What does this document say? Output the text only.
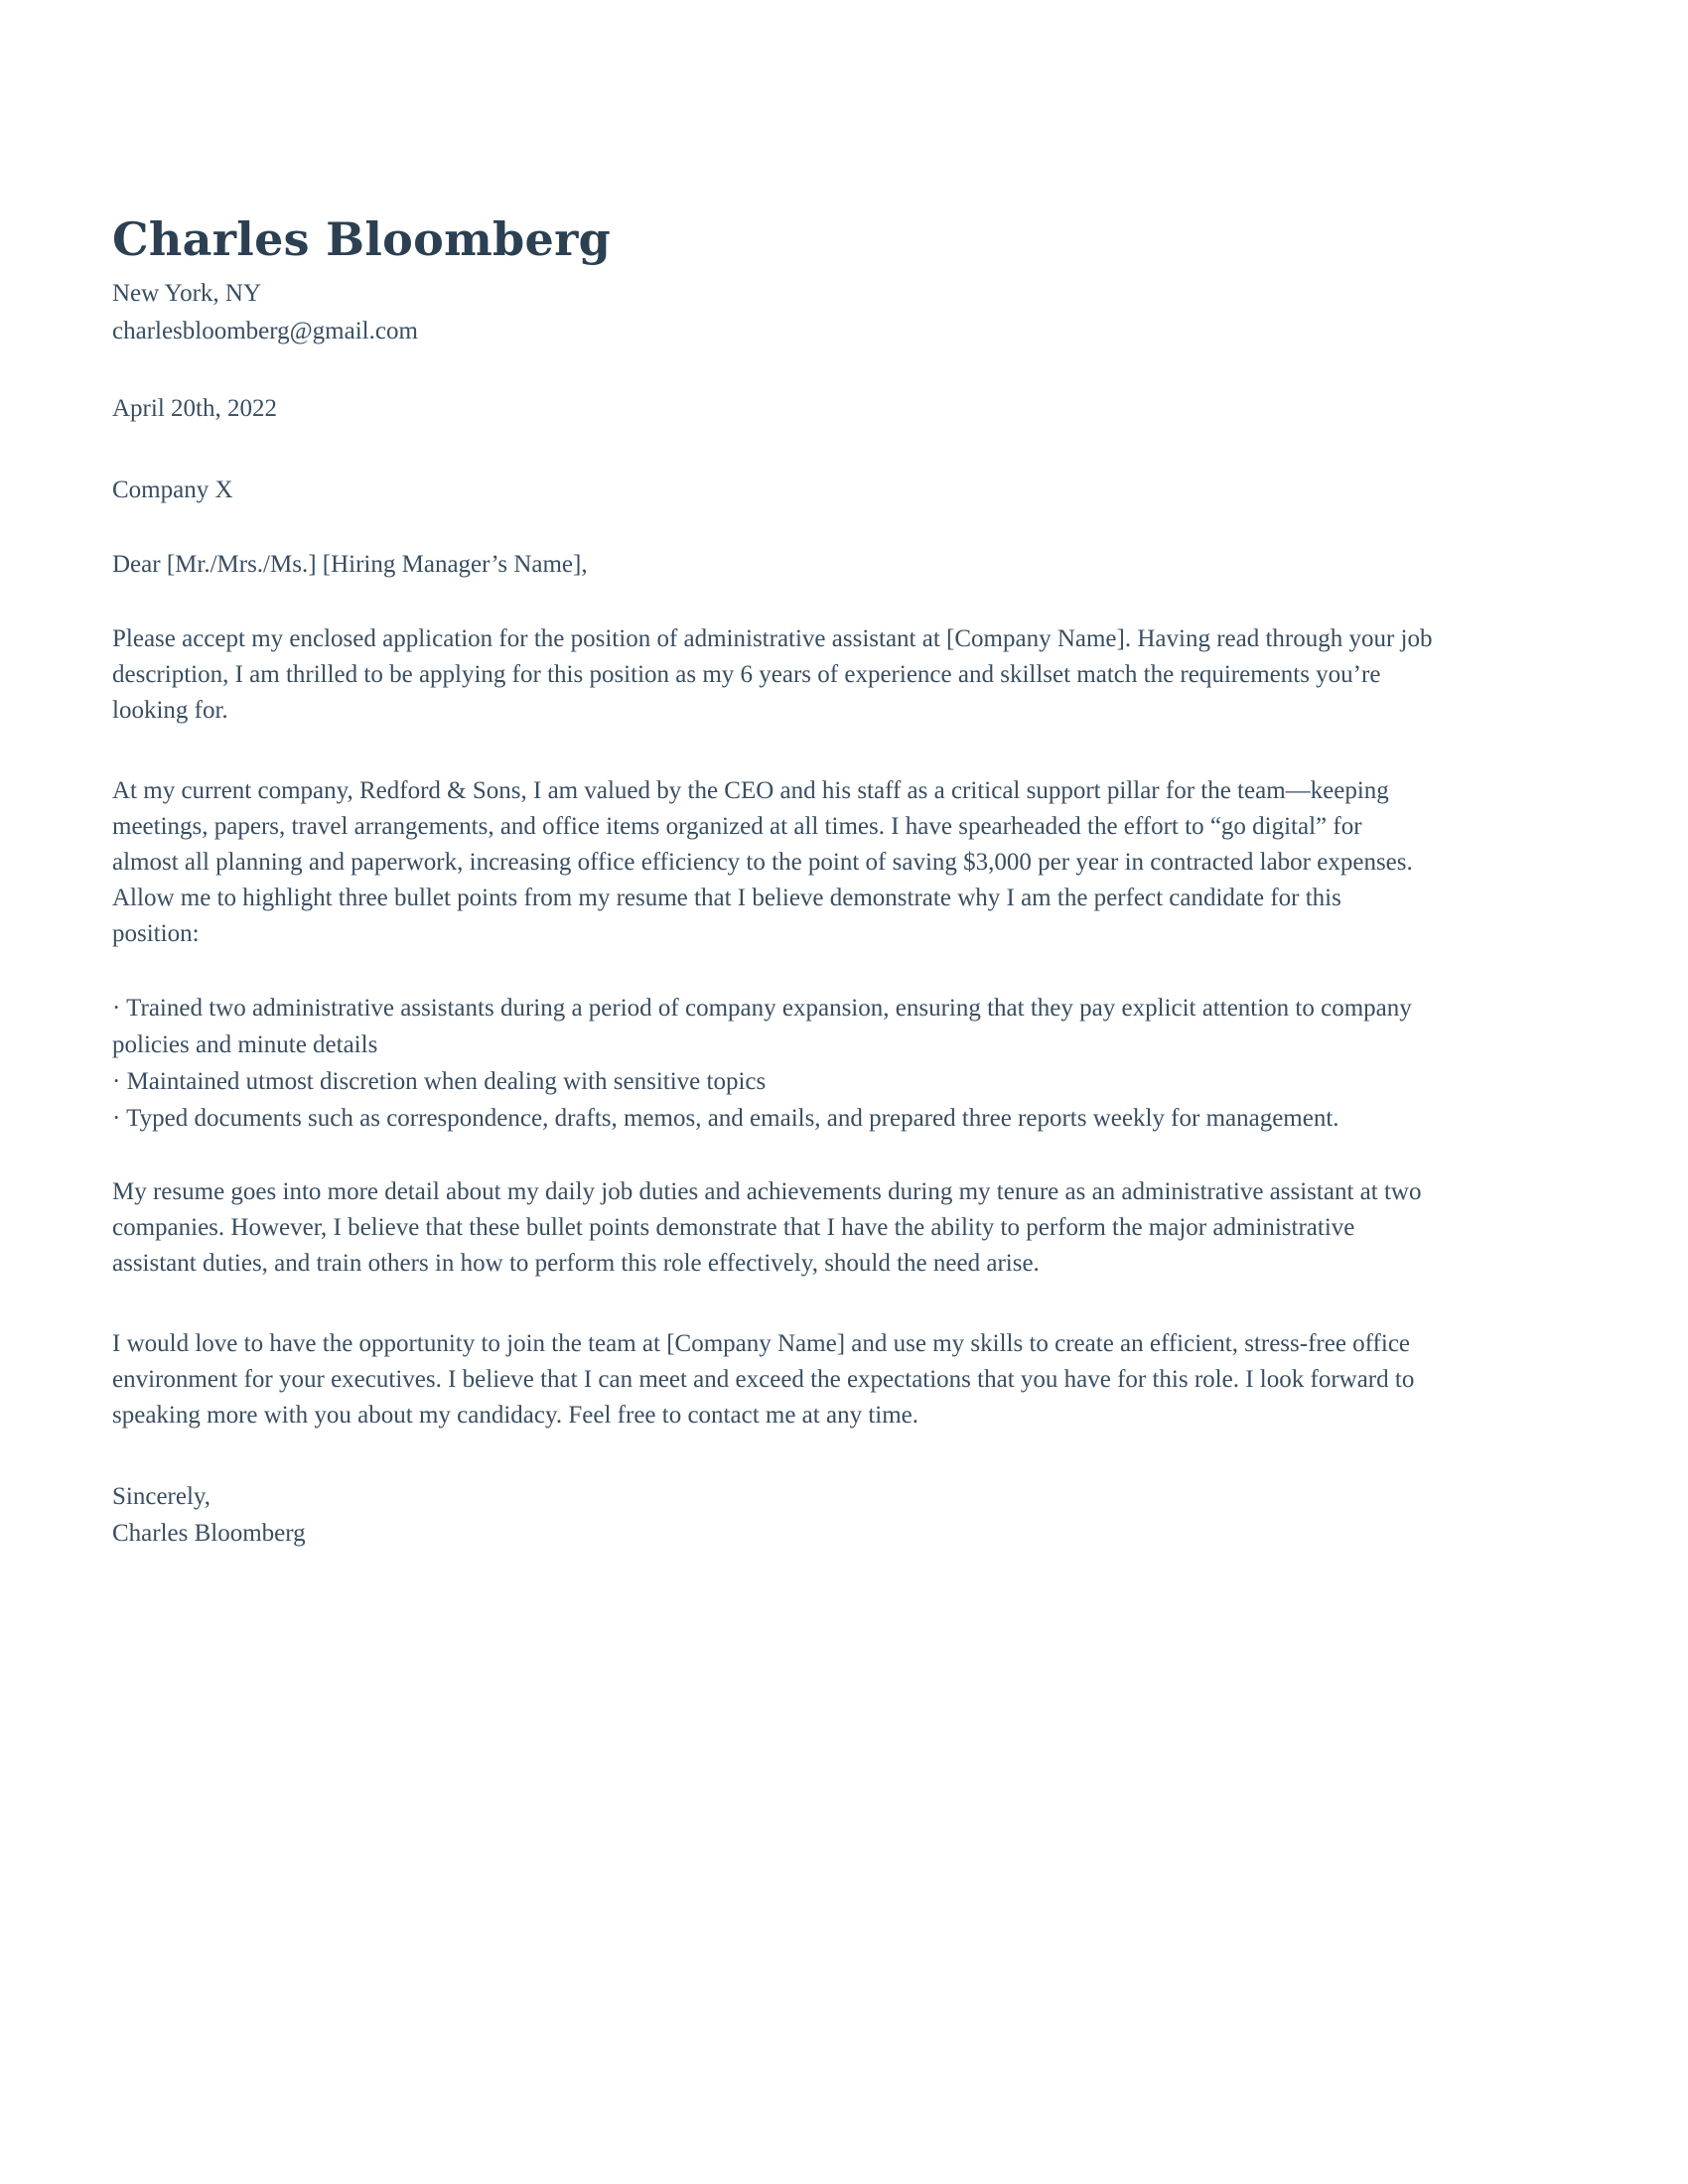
Charles Bloomberg
New York, NY
charlesbloomberg@gmail.com
April 20th, 2022
Company X
Dear [Mr./Mrs./Ms.] [Hiring Manager’s Name],
Please accept my enclosed application for the position of administrative assistant at [Company Name]. Having read through your job description, I am thrilled to be applying for this position as my 6 years of experience and skillset match the requirements you’re looking for.
At my current company, Redford & Sons, I am valued by the CEO and his staff as a critical support pillar for the team—keeping meetings, papers, travel arrangements, and office items organized at all times. I have spearheaded the effort to “go digital” for almost all planning and paperwork, increasing office efficiency to the point of saving $3,000 per year in contracted labor expenses. Allow me to highlight three bullet points from my resume that I believe demonstrate why I am the perfect candidate for this position:
· Trained two administrative assistants during a period of company expansion, ensuring that they pay explicit attention to company policies and minute details
· Maintained utmost discretion when dealing with sensitive topics
· Typed documents such as correspondence, drafts, memos, and emails, and prepared three reports weekly for management.
My resume goes into more detail about my daily job duties and achievements during my tenure as an administrative assistant at two companies. However, I believe that these bullet points demonstrate that I have the ability to perform the major administrative assistant duties, and train others in how to perform this role effectively, should the need arise.
I would love to have the opportunity to join the team at [Company Name] and use my skills to create an efficient, stress-free office environment for your executives. I believe that I can meet and exceed the expectations that you have for this role. I look forward to speaking more with you about my candidacy. Feel free to contact me at any time.
Sincerely,
Charles Bloomberg
